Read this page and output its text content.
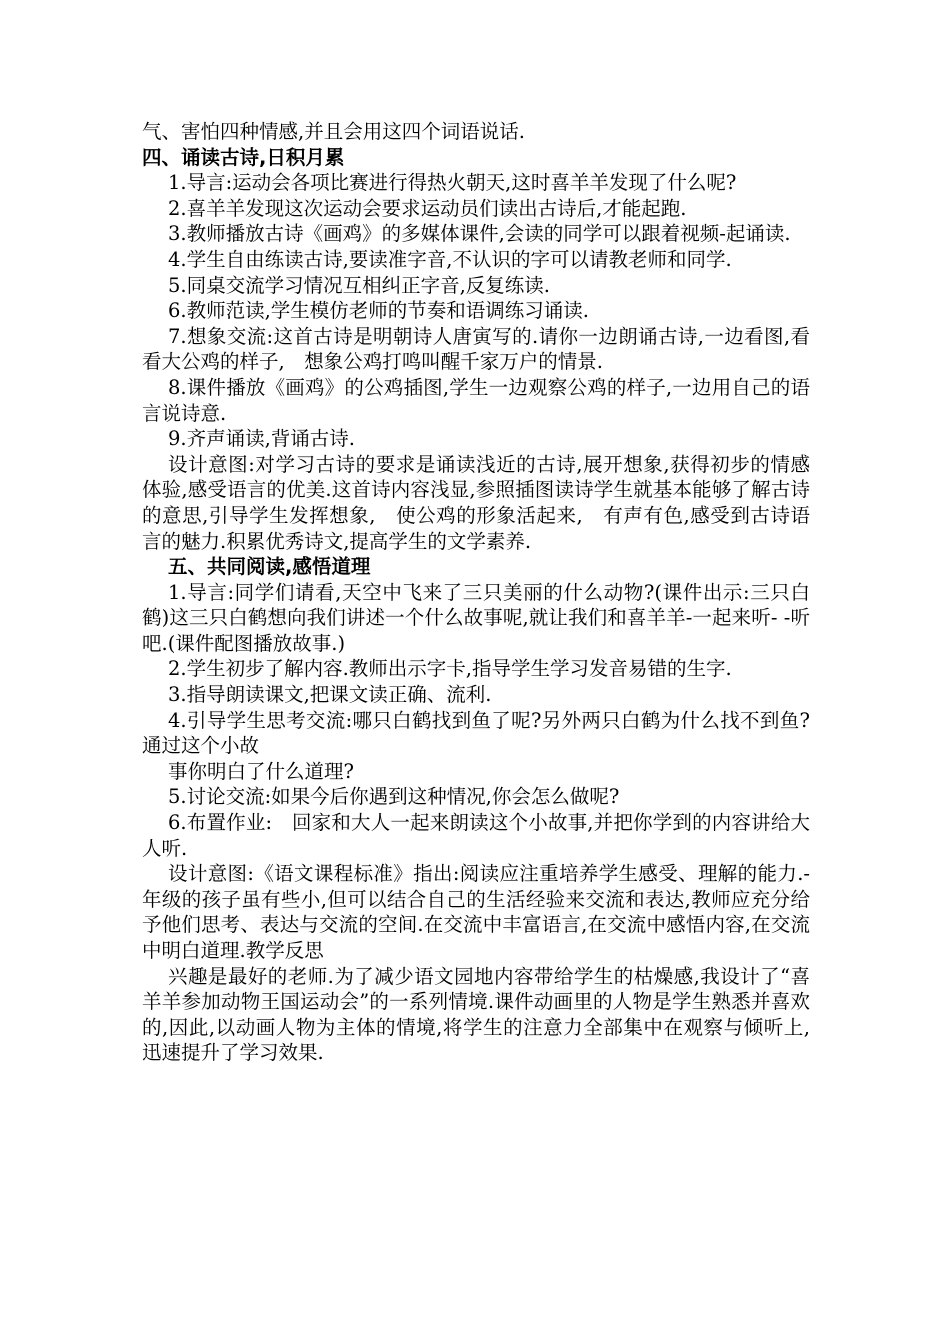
气、害怕四种情感,并且会用这四个词语说话.

四、诵读古诗,日积月累

1.导言:运动会各项比赛进行得热火朝天,这时喜羊羊发现了什么呢?

2.喜羊羊发现这次运动会要求运动员们读出古诗后,才能起跑.

3.教师播放古诗《画鸡》的多媒体课件,会读的同学可以跟着视频-起诵读.

4.学生自由练读古诗,要读准字音,不认识的字可以请教老师和同学.

5.同桌交流学习情况互相纠正字音,反复练读.

6.教师范读,学生模仿老师的节奏和语调练习诵读.

7.想象交流:这首古诗是明朝诗人唐寅写的.请你一边朗诵古诗,一边看图,看看大公鸡的样子,　想象公鸡打鸣叫醒千家万户的情景.

8.课件播放《画鸡》的公鸡插图,学生一边观察公鸡的样子,一边用自己的语言说诗意.

9.齐声诵读,背诵古诗.

设计意图:对学习古诗的要求是诵读浅近的古诗,展开想象,获得初步的情感体验,感受语言的优美.这首诗内容浅显,参照插图读诗学生就基本能够了解古诗的意思,引导学生发挥想象,　使公鸡的形象活起来,　有声有色,感受到古诗语言的魅力.积累优秀诗文,提高学生的文学素养.

五、共同阅读,感悟道理

1.导言:同学们请看,天空中飞来了三只美丽的什么动物?(课件出示:三只白鹤)这三只白鹤想向我们讲述一个什么故事呢,就让我们和喜羊羊-一起来听- -听吧.(课件配图播放故事.)

2.学生初步了解内容.教师出示字卡,指导学生学习发音易错的生字.

3.指导朗读课文,把课文读正确、流利.

4.引导学生思考交流:哪只白鹤找到鱼了呢?另外两只白鹤为什么找不到鱼?通过这个小故

事你明白了什么道理?

5.讨论交流:如果今后你遇到这种情况,你会怎么做呢?

6.布置作业:　回家和大人一起来朗读这个小故事,并把你学到的内容讲给大人听.

设计意图:《语文课程标准》指出:阅读应注重培养学生感受、理解的能力.-年级的孩子虽有些小,但可以结合自己的生活经验来交流和表达,教师应充分给予他们思考、表达与交流的空间.在交流中丰富语言,在交流中感悟内容,在交流中明白道理.教学反思

兴趣是最好的老师.为了减少语文园地内容带给学生的枯燥感,我设计了“喜羊羊参加动物王国运动会”的一系列情境.课件动画里的人物是学生熟悉并喜欢的,因此,以动画人物为主体的情境,将学生的注意力全部集中在观察与倾听上,迅速提升了学习效果.
